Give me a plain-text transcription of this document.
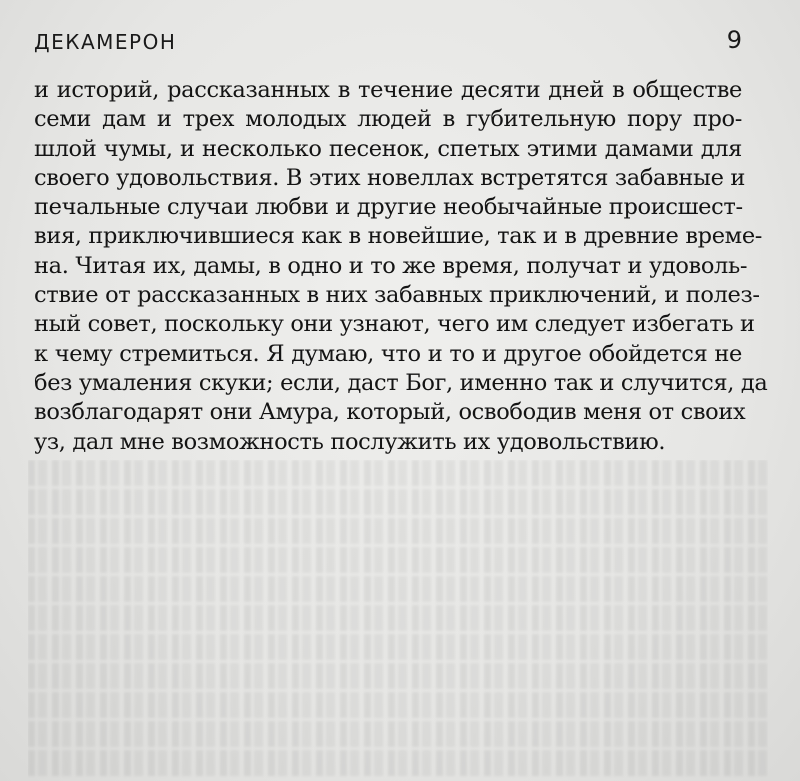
ДЕКАМЕРОН	9
и историй, рассказанных в течение десяти дней в обществе
семи дам и трех молодых людей в губительную пору про-
шлой чумы, и несколько песенок, спетых этими дамами для
своего удовольствия. В этих новеллах встретятся забавные и
печальные случаи любви и другие необычайные происшест-
вия, приключившиеся как в новейшие, так и в древние време-
на. Читая их, дамы, в одно и то же время, получат и удоволь-
ствие от рассказанных в них забавных приключений, и полез-
ный совет, поскольку они узнают, чего им следует избегать и
к чему стремиться. Я думаю, что и то и другое обойдется не
без умаления скуки; если, даст Бог, именно так и случится, да
возблагодарят они Амура, который, освободив меня от своих
уз, дал мне возможность послужить их удовольствию.
